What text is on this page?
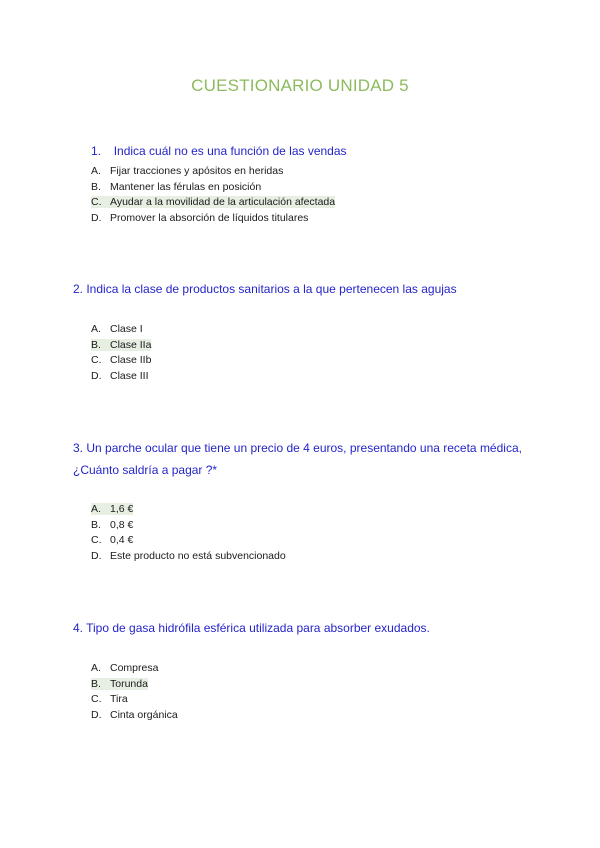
CUESTIONARIO UNIDAD 5
1. Indica cuál no es una función de las vendas
A. Fijar tracciones y apósitos en heridas
B. Mantener las férulas en posición
C. Ayudar a la movilidad de la articulación afectada
D. Promover la absorción de líquidos titulares
2. Indica la clase de productos sanitarios a la que pertenecen las agujas
A. Clase I
B. Clase IIa
C. Clase IIb
D. Clase III
3. Un parche ocular que tiene un precio de 4 euros, presentando una receta médica,
¿Cuánto saldría a pagar ?*
A. 1,6 €
B. 0,8 €
C. 0,4 €
D. Este producto no está subvencionado
4. Tipo de gasa hidrófila esférica utilizada para absorber exudados.
A. Compresa
B. Torunda
C. Tira
D. Cinta orgánica
